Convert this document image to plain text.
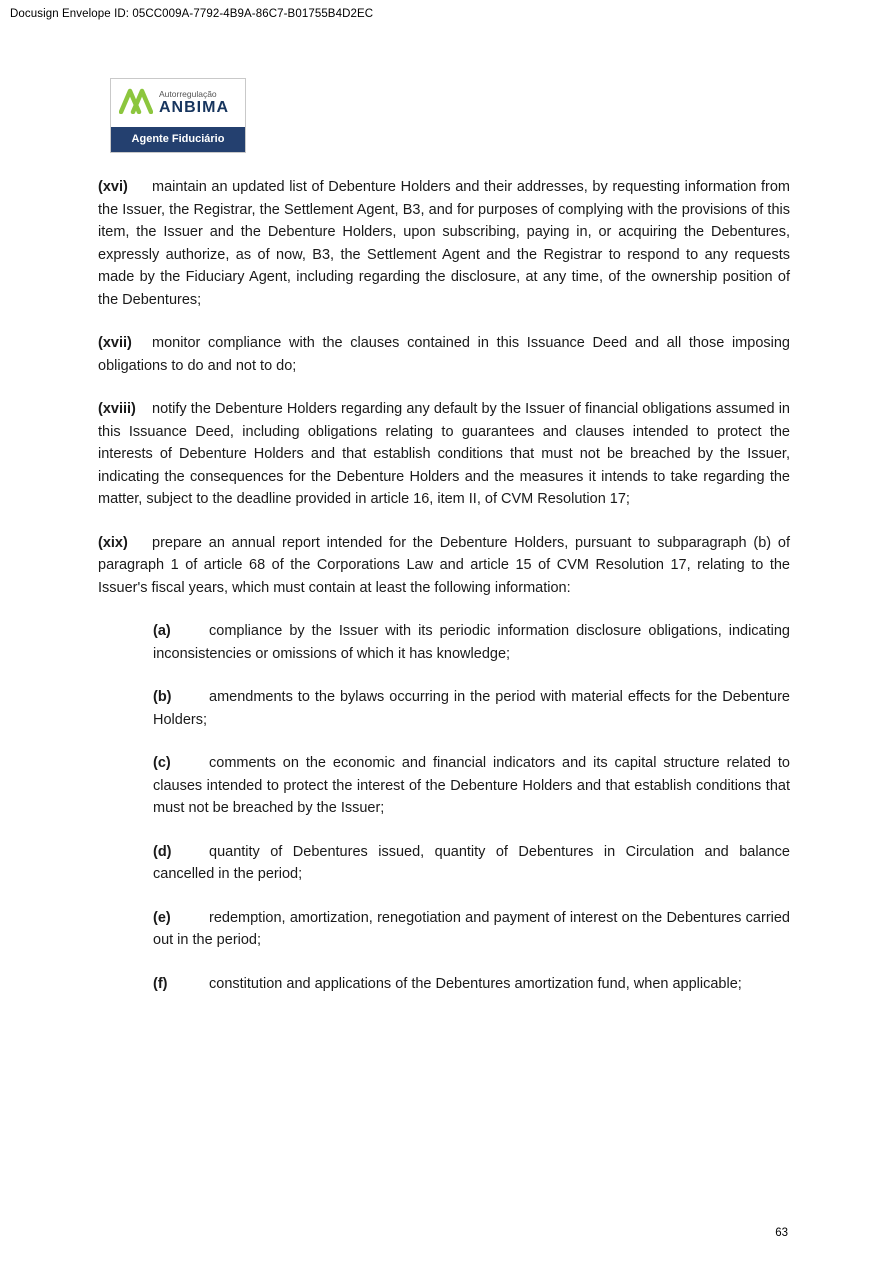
Docusign Envelope ID: 05CC009A-7792-4B9A-86C7-B01755B4D2EC
Autorregulação
ANBIMA
Agente Fiduciário

(xvi) maintain an updated list of Debenture Holders and their addresses, by requesting information from the Issuer, the Registrar, the Settlement Agent, B3, and for purposes of complying with the provisions of this item, the Issuer and the Debenture Holders, upon subscribing, paying in, or acquiring the Debentures, expressly authorize, as of now, B3, the Settlement Agent and the Registrar to respond to any requests made by the Fiduciary Agent, including regarding the disclosure, at any time, of the ownership position of the Debentures;

(xvii) monitor compliance with the clauses contained in this Issuance Deed and all those imposing obligations to do and not to do;

(xviii) notify the Debenture Holders regarding any default by the Issuer of financial obligations assumed in this Issuance Deed, including obligations relating to guarantees and clauses intended to protect the interests of Debenture Holders and that establish conditions that must not be breached by the Issuer, indicating the consequences for the Debenture Holders and the measures it intends to take regarding the matter, subject to the deadline provided in article 16, item II, of CVM Resolution 17;

(xix) prepare an annual report intended for the Debenture Holders, pursuant to subparagraph (b) of paragraph 1 of article 68 of the Corporations Law and article 15 of CVM Resolution 17, relating to the Issuer's fiscal years, which must contain at least the following information:

(a)	compliance by the Issuer with its periodic information disclosure obligations, indicating inconsistencies or omissions of which it has knowledge;

(b)	amendments to the bylaws occurring in the period with material effects for the Debenture Holders;

(c)	comments on the economic and financial indicators and its capital structure related to clauses intended to protect the interest of the Debenture Holders and that establish conditions that must not be breached by the Issuer;

(d)	quantity of Debentures issued, quantity of Debentures in Circulation and balance cancelled in the period;

(e)	redemption, amortization, renegotiation and payment of interest on the Debentures carried out in the period;

(f)	constitution and applications of the Debentures amortization fund, when applicable;

63
